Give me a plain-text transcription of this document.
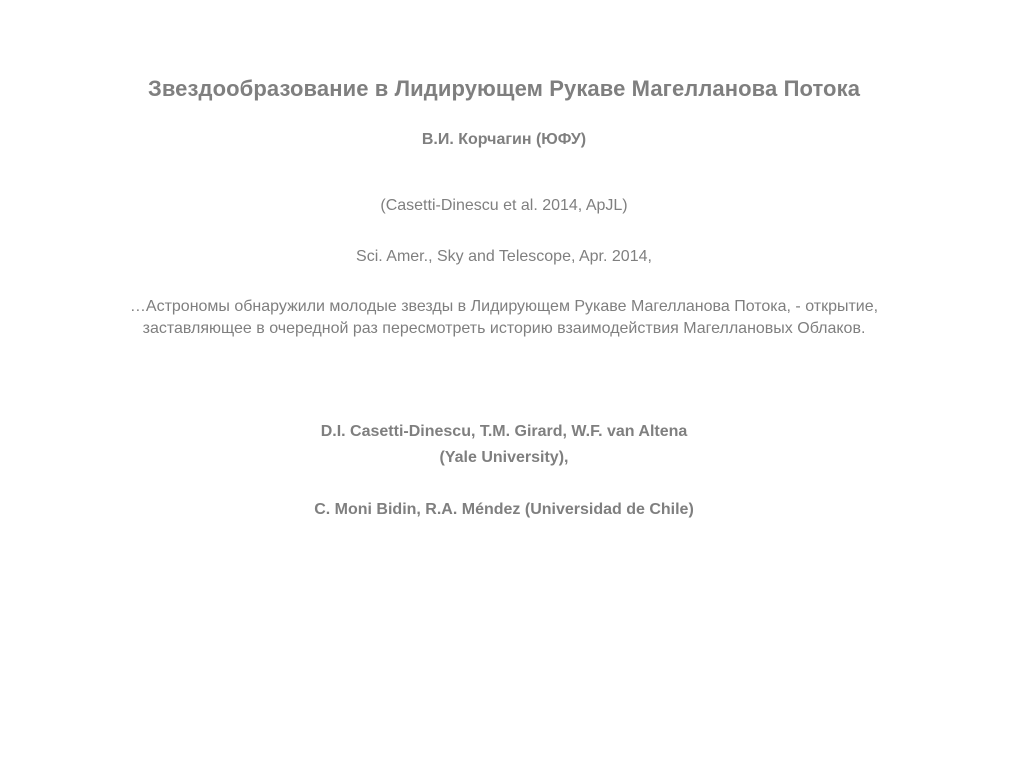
Звездообразование в Лидирующем Рукаве Магелланова Потока
В.И. Корчагин (ЮФУ)
(Casetti-Dinescu et al. 2014, ApJL)
Sci. Amer., Sky and Telescope, Apr. 2014,
…Астрономы обнаружили молодые звезды в Лидирующем Рукаве Магелланова Потока, - открытие,
заставляющее в очередной раз пересмотреть историю взаимодействия Магеллановых Облаков.
D.I. Casetti-Dinescu, T.M. Girard, W.F. van Altena
(Yale University),
C. Moni Bidin, R.A. Méndez (Universidad de Chile)
